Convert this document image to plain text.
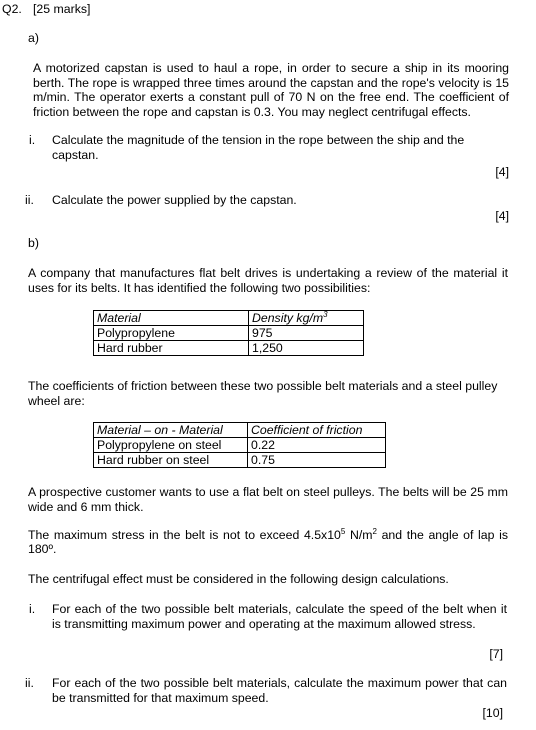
Q2. [25 marks]
a)
A motorized capstan is used to haul a rope, in order to secure a ship in its mooring berth. The rope is wrapped three times around the capstan and the rope's velocity is 15 m/min. The operator exerts a constant pull of 70 N on the free end. The coefficient of friction between the rope and capstan is 0.3. You may neglect centrifugal effects.
i. Calculate the magnitude of the tension in the rope between the ship and the capstan.
[4]
ii. Calculate the power supplied by the capstan.
[4]
b)
A company that manufactures flat belt drives is undertaking a review of the material it uses for its belts. It has identified the following two possibilities:
Material	Density $kg/m^3$
Polypropylene	975
Hard rubber	1,250
The coefficients of friction between these two possible belt materials and a steel pulley wheel are:
Material – on - Material	Coefficient of friction
Polypropylene on steel	0.22
Hard rubber on steel	0.75
A prospective customer wants to use a flat belt on steel pulleys. The belts will be 25 mm wide and 6 mm thick.
The maximum stress in the belt is not to exceed $4.5x10^5$ $N/m^2$ and the angle of lap is
180º.
The centrifugal effect must be considered in the following design calculations.
i. For each of the two possible belt materials, calculate the speed of the belt when it is transmitting maximum power and operating at the maximum allowed stress.
[7]
ii. For each of the two possible belt materials, calculate the maximum power that can be transmitted for that maximum speed.
[10]
